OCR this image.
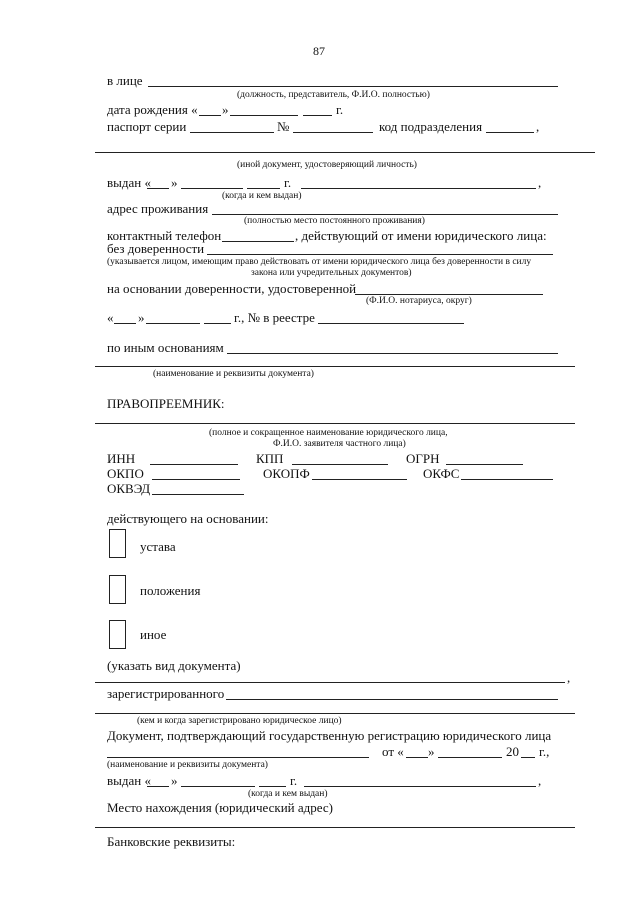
87
в лице
(должность, представитель, Ф.И.О. полностью)
дата рождения « »	г.
паспорт серии	№	код подразделения	,
(иной документ, удостоверяющий личность)
выдан « »	г.	,
(когда и кем выдан)
адрес проживания
(полностью место постоянного проживания)
контактный телефон	, действующий от имени юридического лица:
без доверенности
(указывается лицом, имеющим право действовать от имени юридического лица без доверенности в силу
закона или учредительных документов)
на основании доверенности, удостоверенной
(Ф.И.О. нотариуса, округ)
« »	г., № в реестре
по иным основаниям
(наименование и реквизиты документа)
ПРАВОПРЕЕМНИК:
(полное и сокращенное наименование юридического лица,
Ф.И.О. заявителя частного лица)
ИНН	КПП	ОГРН
ОКПО	ОКОПФ	ОКФС
ОКВЭД
действующего на основании:
устава
положения
иное
(указать вид документа)
,
зарегистрированного
(кем и когда зарегистрировано юридическое лицо)
Документ, подтверждающий государственную регистрацию юридического лица
от « »	20 г.,
(наименование и реквизиты документа)
выдан « »	г.	,
(когда и кем выдан)
Место нахождения (юридический адрес)
Банковские реквизиты:
